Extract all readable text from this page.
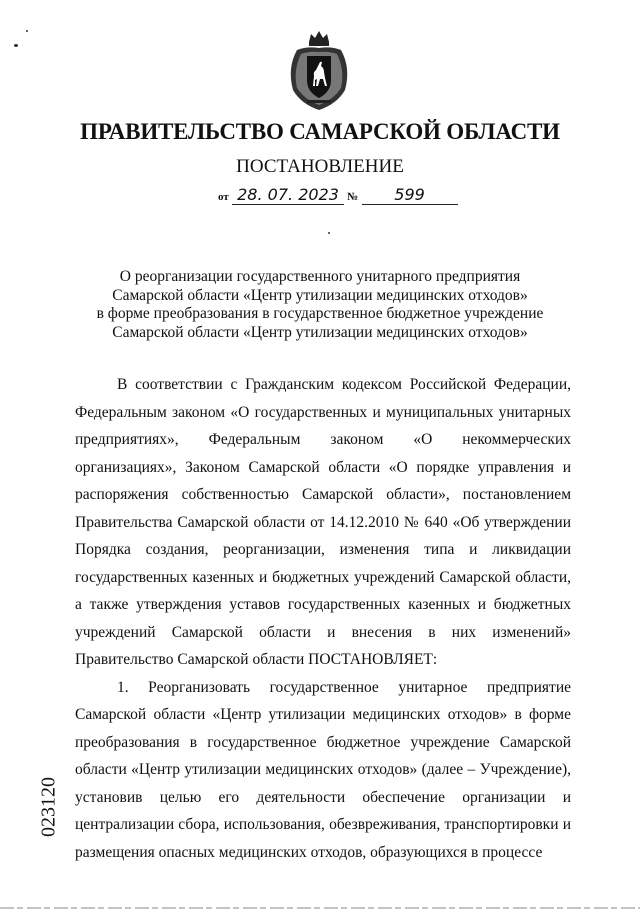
ПРАВИТЕЛЬСТВО САМАРСКОЙ ОБЛАСТИ
ПОСТАНОВЛЕНИЕ
от 28. 07. 2023 № 599
О реорганизации государственного унитарного предприятия
Самарской области «Центр утилизации медицинских отходов»
в форме преобразования в государственное бюджетное учреждение
Самарской области «Центр утилизации медицинских отходов»

В соответствии с Гражданским кодексом Российской Федерации, Федеральным законом «О государственных и муниципальных унитарных предприятиях», Федеральным законом «О некоммерческих организациях», Законом Самарской области «О порядке управления и распоряжения собственностью Самарской области», постановлением Правительства Самарской области от 14.12.2010 № 640 «Об утверждении Порядка создания, реорганизации, изменения типа и ликвидации государственных казенных и бюджетных учреждений Самарской области, а также утверждения уставов государственных казенных и бюджетных учреждений Самарской области и внесения в них изменений» Правительство Самарской области ПОСТАНОВЛЯЕТ:

1. Реорганизовать государственное унитарное предприятие Самарской области «Центр утилизации медицинских отходов» в форме преобразования в государственное бюджетное учреждение Самарской области «Центр утилизации медицинских отходов» (далее – Учреждение), установив целью его деятельности обеспечение организации и централизации сбора, использования, обезвреживания, транспортировки и размещения опасных медицинских отходов, образующихся в процессе

023120
